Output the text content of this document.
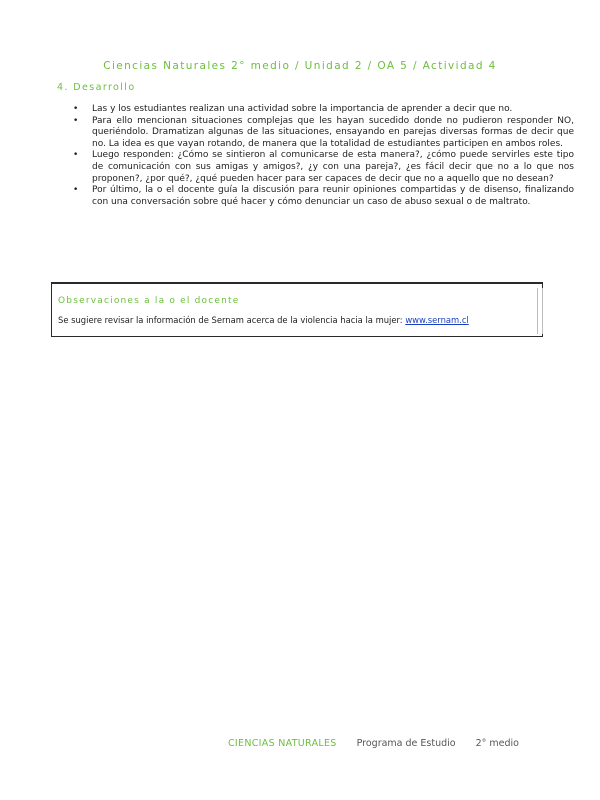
Ciencias Naturales 2° medio / Unidad 2 / OA 5 / Actividad 4
4. Desarrollo
• Las y los estudiantes realizan una actividad sobre la importancia de aprender a decir que no.
• Para ello mencionan situaciones complejas que les hayan sucedido donde no pudieron responder NO, queriéndolo. Dramatizan algunas de las situaciones, ensayando en parejas diversas formas de decir que no. La idea es que vayan rotando, de manera que la totalidad de estudiantes participen en ambos roles.
• Luego responden: ¿Cómo se sintieron al comunicarse de esta manera?, ¿cómo puede servirles este tipo de comunicación con sus amigas y amigos?, ¿y con una pareja?, ¿es fácil decir que no a lo que nos proponen?, ¿por qué?, ¿qué pueden hacer para ser capaces de decir que no a aquello que no desean?
• Por último, la o el docente guía la discusión para reunir opiniones compartidas y de disenso, finalizando con una conversación sobre qué hacer y cómo denunciar un caso de abuso sexual o de maltrato.
Observaciones a la o el docente
Se sugiere revisar la información de Sernam acerca de la violencia hacia la mujer: www.sernam.cl
CIENCIAS NATURALES Programa de Estudio 2° medio
